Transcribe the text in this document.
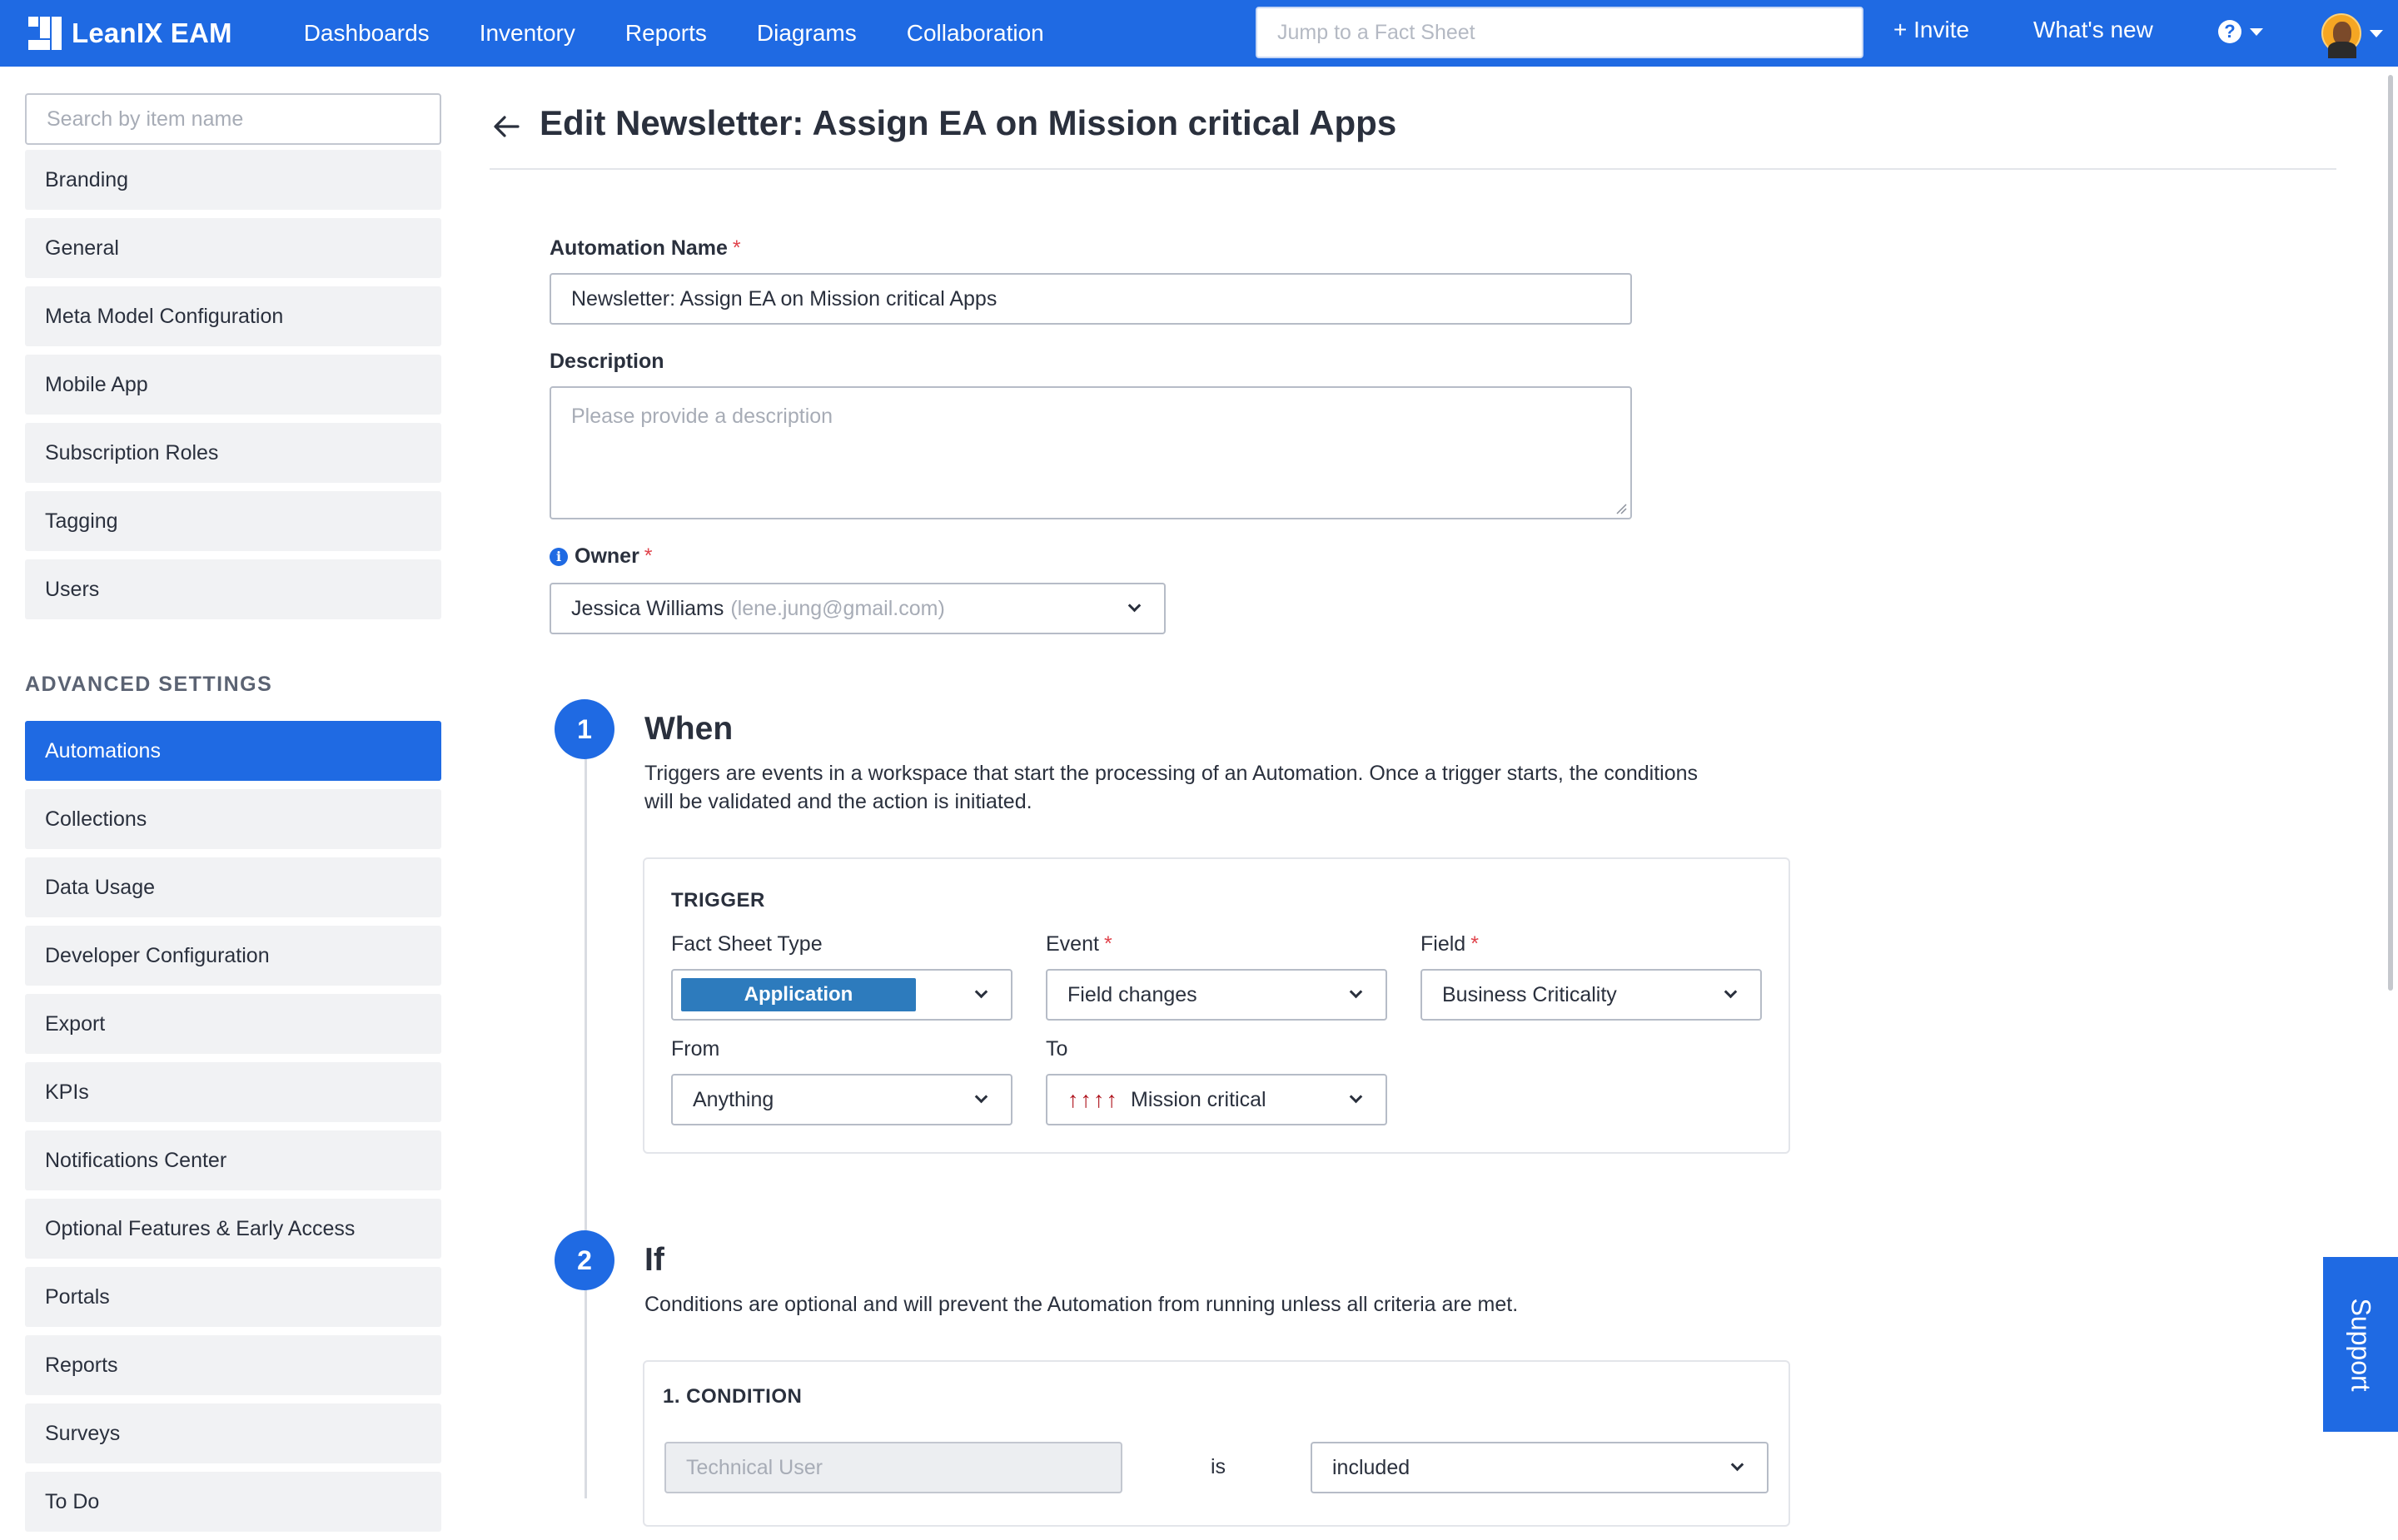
LeanIX EAM	Dashboards Inventory Reports Diagrams Collaboration
Jump to a Fact Sheet	+ Invite	What's new	?
Search by item name
Branding
General
Meta Model Configuration
Mobile App
Subscription Roles
Tagging
Users
ADVANCED SETTINGS
Automations
Collections
Data Usage
Developer Configuration
Export
KPIs
Notifications Center
Optional Features & Early Access
Portals
Reports
Surveys
To Do
Edit Newsletter: Assign EA on Mission critical Apps
Automation Name *
Newsletter: Assign EA on Mission critical Apps
Description
Please provide a description
i Owner *
Jessica Williams (lene.jung@gmail.com)
1	When
Triggers are events in a workspace that start the processing of an Automation. Once a trigger starts, the conditions
will be validated and the action is initiated.
TRIGGER
Fact Sheet Type
Application
Event *
Field changes
Field *
Business Criticality
From
Anything
To
↑↑↑↑ Mission critical
2	If
Conditions are optional and will prevent the Automation from running unless all criteria are met.
1. CONDITION
Technical User	is	included
Support
